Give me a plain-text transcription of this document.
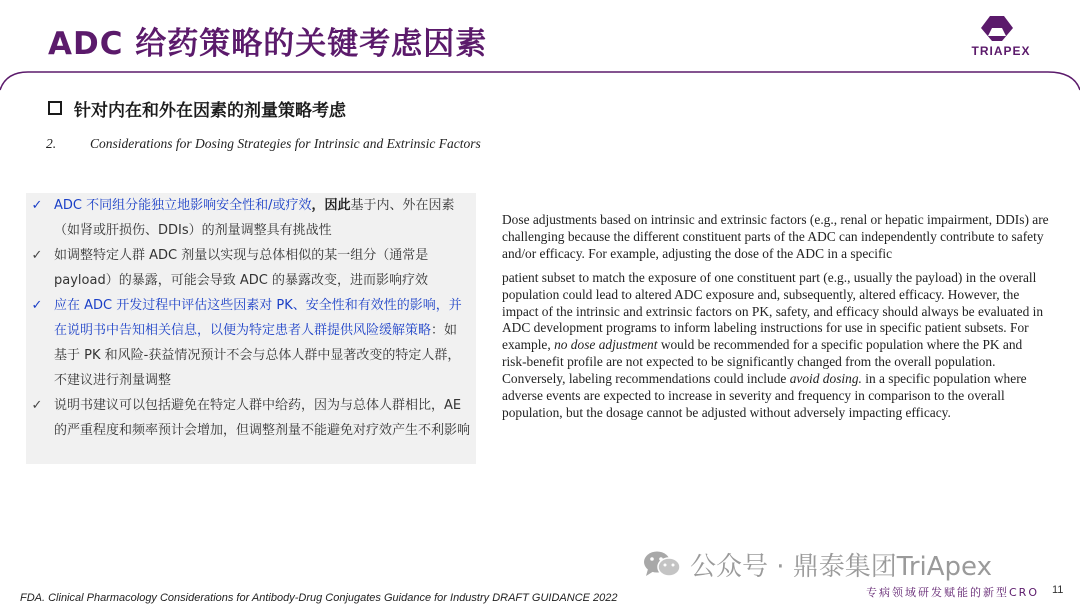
ADC 给药策略的关键考虑因素	TRIAPEX
针对内在和外在因素的剂量策略考虑
2.	Considerations for Dosing Strategies for Intrinsic and Extrinsic Factors
✓ ADC 不同组分能独立地影响安全性和/或疗效，因此基于内、外在因素（如肾或肝损伤、DDIs）的剂量调整具有挑战性
✓ 如调整特定人群 ADC 剂量以实现与总体相似的某一组分（通常是 payload）的暴露，可能会导致 ADC 的暴露改变，进而影响疗效
✓ 应在 ADC 开发过程中评估这些因素对 PK、安全性和有效性的影响，并在说明书中告知相关信息，以便为特定患者人群提供风险缓解策略：如基于 PK 和风险-获益情况预计不会与总体人群中显著改变的特定人群，不建议进行剂量调整
✓ 说明书建议可以包括避免在特定人群中给药，因为与总体人群相比，AE 的严重程度和频率预计会增加，但调整剂量不能避免对疗效产生不利影响

Dose adjustments based on intrinsic and extrinsic factors (e.g., renal or hepatic impairment, DDIs) are challenging because the different constituent parts of the ADC can independently contribute to safety and/or efficacy. For example, adjusting the dose of the ADC in a specific

patient subset to match the exposure of one constituent part (e.g., usually the payload) in the overall population could lead to altered ADC exposure and, subsequently, altered efficacy. However, the impact of the intrinsic and extrinsic factors on PK, safety, and efficacy should always be evaluated in ADC development programs to inform labeling instructions for use in specific patient subsets. For example, no dose adjustment would be recommended for a specific population where the PK and risk-benefit profile are not expected to be significantly changed from the overall population. Conversely, labeling recommendations could include avoid dosing. in a specific population where adverse events are expected to increase in severity and frequency in comparison to the overall population, but the dosage cannot be adjusted without adversely impacting efficacy.

公众号 · 鼎泰集团TriApex
FDA. Clinical Pharmacology Considerations for Antibody-Drug Conjugates Guidance for Industry DRAFT GUIDANCE 2022	专病领域研发赋能的新型CRO 11
